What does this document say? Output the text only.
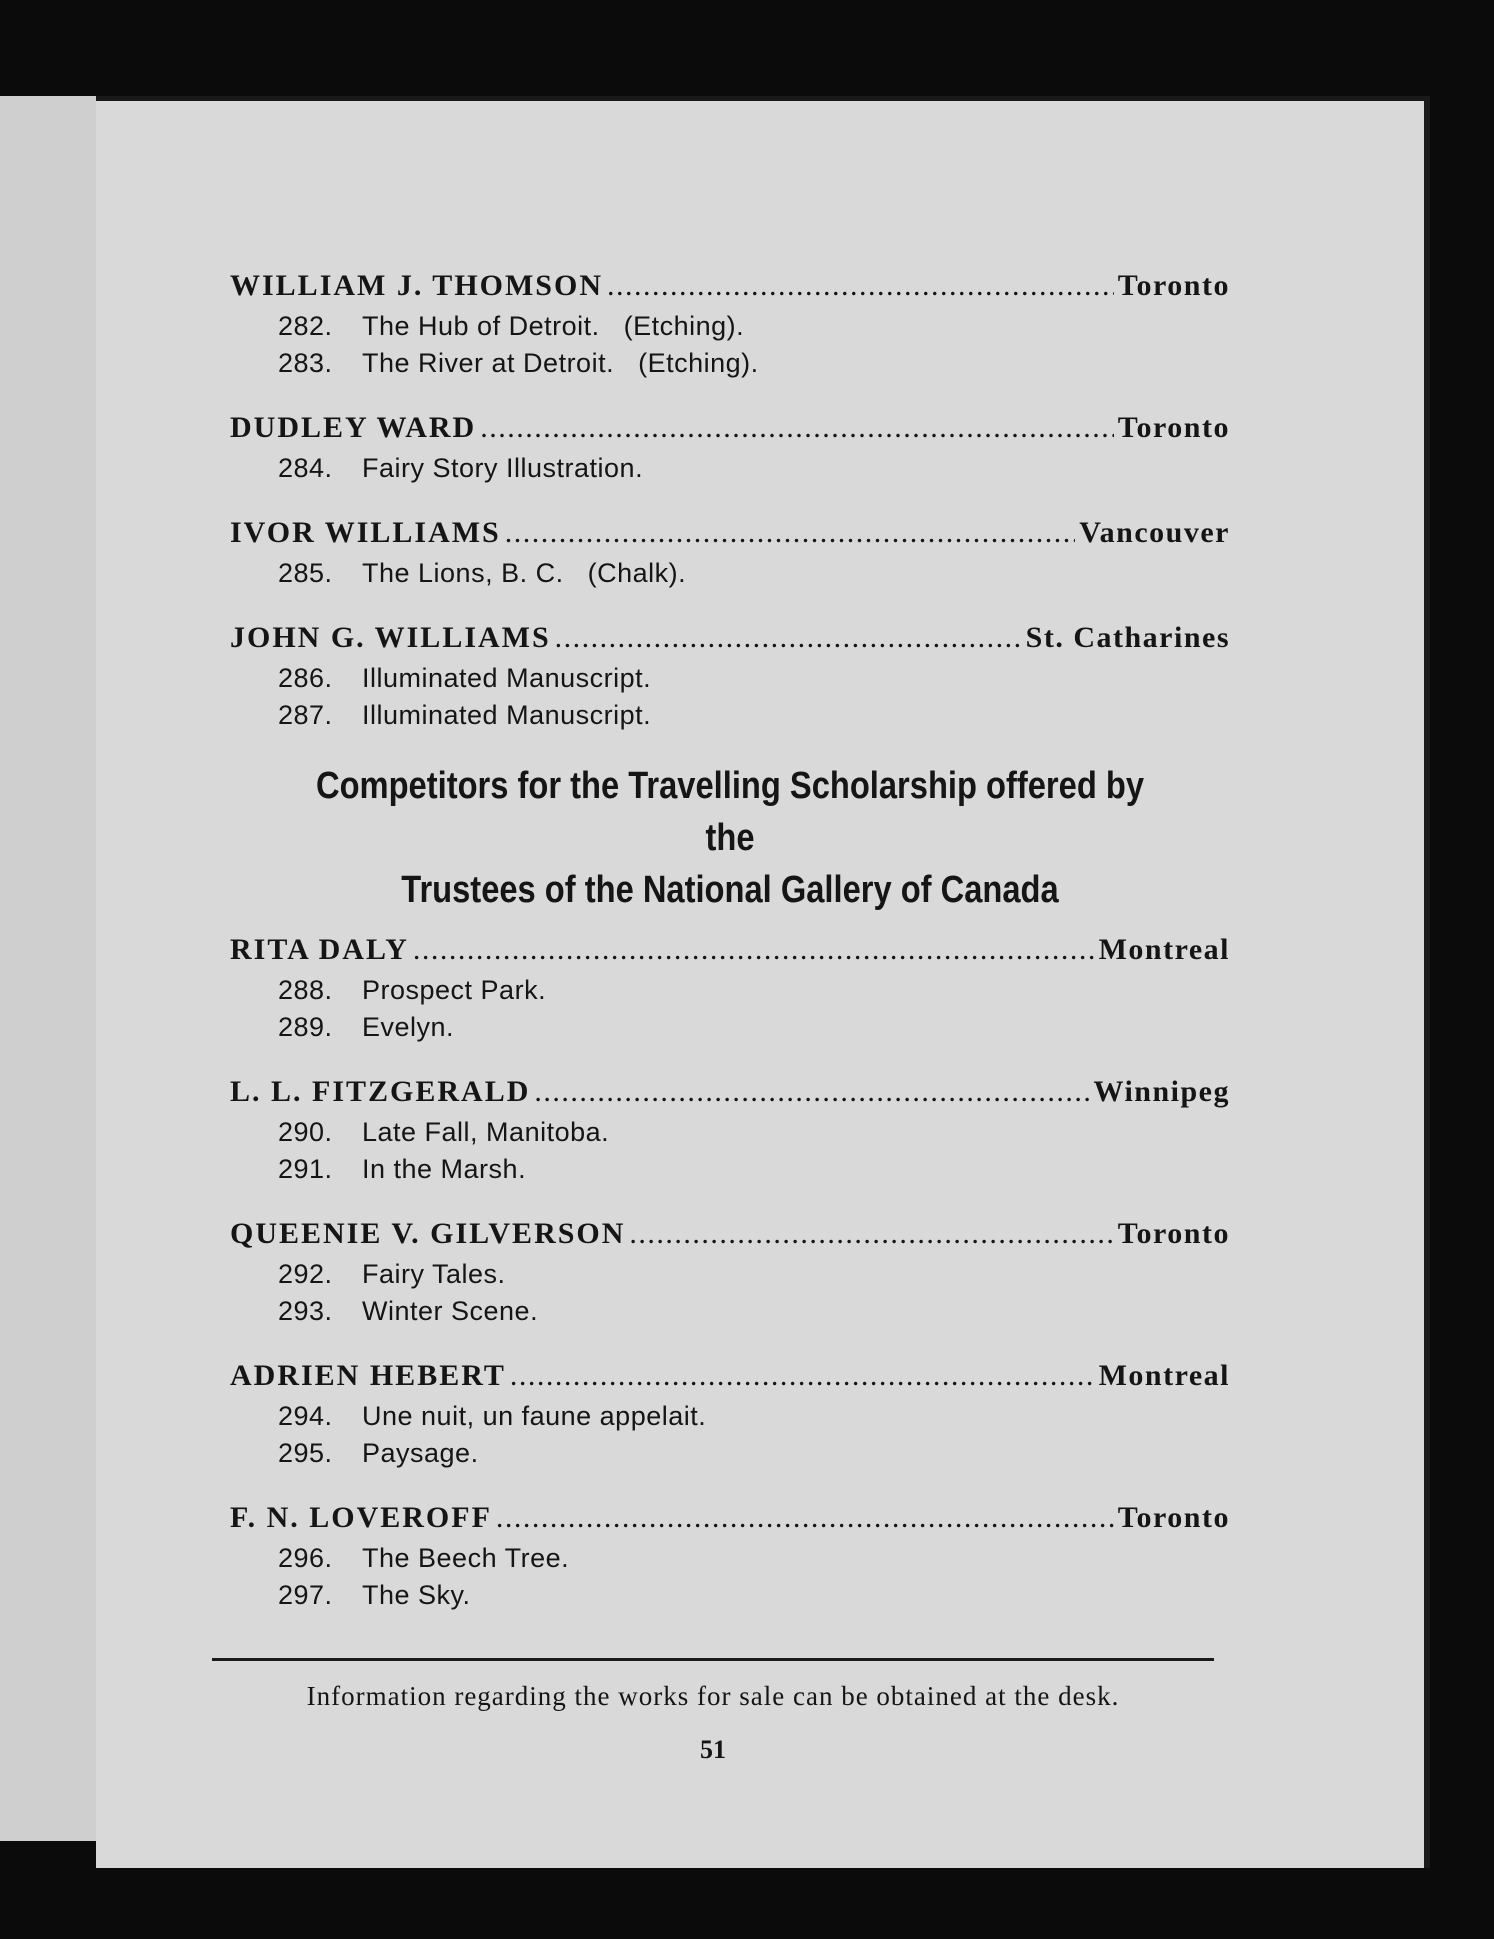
WILLIAM J. THOMSON . . .	Toronto
282.	The Hub of Detroit.   (Etching).
283.	The River at Detroit.   (Etching).
DUDLEY WARD . . .	Toronto
284.	Fairy Story Illustration.
IVOR WILLIAMS . . .	Vancouver
285.	The Lions, B. C.   (Chalk).
JOHN G. WILLIAMS . . .	St. Catharines
286.	Illuminated Manuscript.
287.	Illuminated Manuscript.
Competitors for the Travelling Scholarship offered by the
Trustees of the National Gallery of Canada
RITA DALY . . .	Montreal
288.	Prospect Park.
289.	Evelyn.
L. L. FITZGERALD . . .	Winnipeg
290.	Late Fall, Manitoba.
291.	In the Marsh.
QUEENIE V. GILVERSON . . .	Toronto
292.	Fairy Tales.
293.	Winter Scene.
ADRIEN HEBERT . . .	Montreal
294.	Une nuit, un faune appelait.
295.	Paysage.
F. N. LOVEROFF . . .	Toronto
296.	The Beech Tree.
297.	The Sky.
Information regarding the works for sale can be obtained at the desk.
51
